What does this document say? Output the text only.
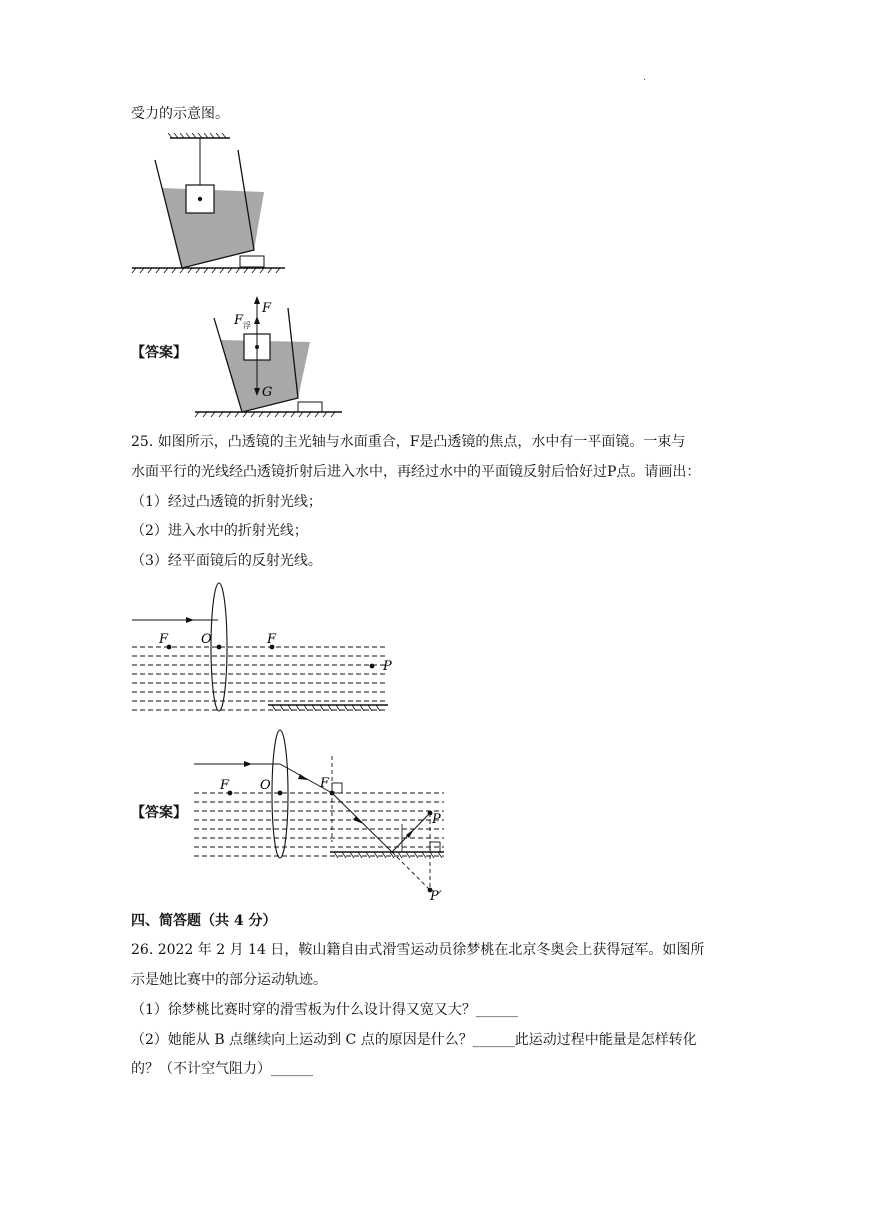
.
受力的示意图。
【答案】
F
F 浮
G
25. 如图所示，凸透镜的主光轴与水面重合，F是凸透镜的焦点，水中有一平面镜。一束与
水面平行的光线经凸透镜折射后进入水中，再经过水中的平面镜反射后恰好过P点。请画出：
（1）经过凸透镜的折射光线；
（2）进入水中的折射光线；
（3）经平面镜后的反射光线。
F	O	F
P
【答案】
F O	F
P
P′
四、简答题（共 4 分）
26. 2022 年 2 月 14 日，鞍山籍自由式滑雪运动员徐梦桃在北京冬奥会上获得冠军。如图所
示是她比赛中的部分运动轨迹。
（1）徐梦桃比赛时穿的滑雪板为什么设计得又宽又大？______
（2）她能从 B 点继续向上运动到 C 点的原因是什么？______此运动过程中能量是怎样转化
的？（不计空气阻力）______
